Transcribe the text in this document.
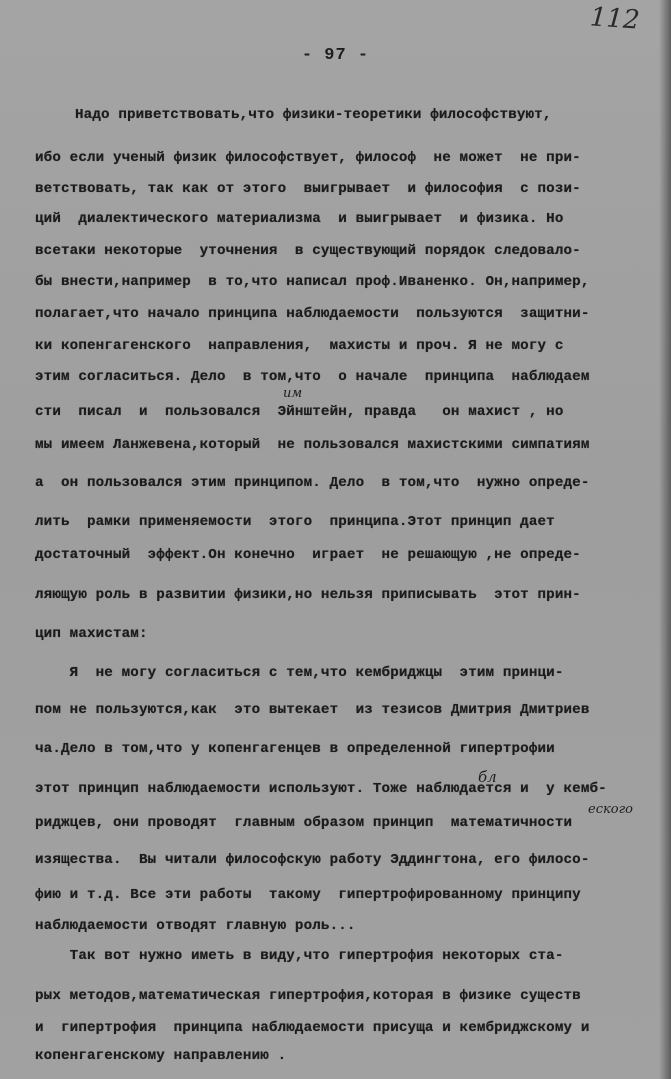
112
- 97 -
Надо приветствовать,что физики-теоретики философствуют,
ибо если ученый физик философствует, философ  не может  не при-
ветствовать, так как от этого  выигрывает  и философия  с пози-
ций  диалектического материализма  и выигрывает  и физика. Но
всетаки некоторые  уточнения  в существующий порядок следовало-
бы внести,например  в то,что написал проф.Иваненко. Он,например,
полагает,что начало принципа наблюдаемости  пользуются  защитни-
ки копенгагенского  направления,  махисты и проч. Я не могу с
этим согласиться. Дело  в том,что  о начале  принципа  наблюдаем
сти  писал  и  пользовался  Эйнштейн, правда   он махист , но
мы имеем Ланжевена,который  не пользовался махистскими симпатиям
а  он пользовался этим принципом. Дело  в том,что  нужно опреде-
лить  рамки применяемости  этого  принципа.Этот принцип дает
достаточный  эффект.Он конечно  играет  не решающую ,не опреде-
ляющую роль в развитии физики,но нельзя приписывать  этот прин-
цип махистам:
Я  не могу согласиться с тем,что кембриджцы  этим принци-
пом не пользуются,как  это вытекает  из тезисов Дмитрия Дмитриев
ча.Дело в том,что у копенгагенцев в определенной гипертрофии
этот принцип наблюдаемости используют. Тоже наблюдается и  у кемб-
риджцев, они проводят  главным образом принцип  математичности
изящества.  Вы читали философскую работу Эддингтона, его филосо-
фию и т.д. Все эти работы  такому  гипертрофированному принципу
наблюдаемости отводят главную роль...
Так вот нужно иметь в виду,что гипертрофия некоторых ста-
рых методов,математическая гипертрофия,которая в физике существ
и  гипертрофия  принципа наблюдаемости присуща и кембриджскому и
копенгагенскому направлению .
им
бл
еского
